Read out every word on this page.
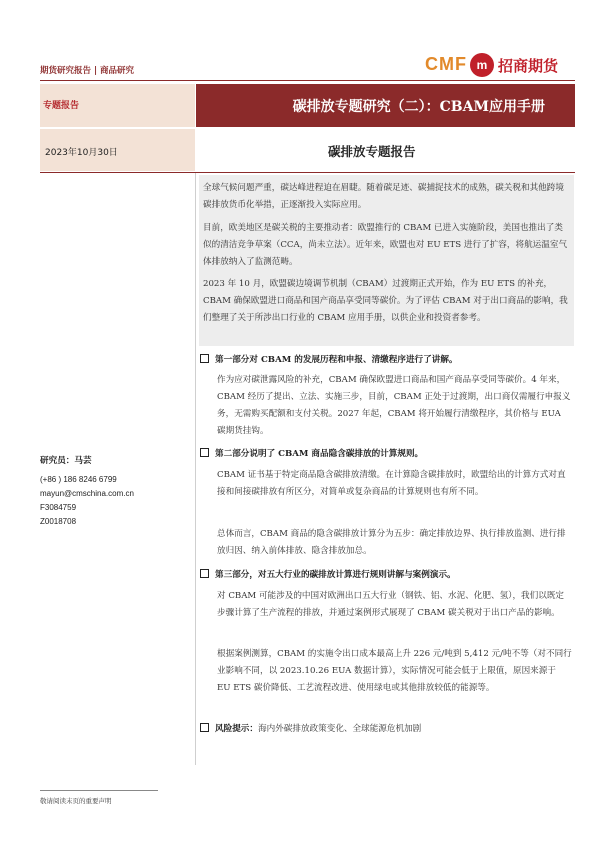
期货研究报告 | 商品研究	CMF m 招商期货
专题报告	碳排放专题研究（二）：CBAM应用手册
2023年10月30日	碳排放专题报告
研究员：马芸
(+86 ) 186 8246 6799
mayun@cmschina.com.cn
F3084759
Z0018708
全球气候问题严重，碳达峰进程迫在眉睫。随着碳足迹、碳捕捉技术的成熟，碳关税和其他跨境碳排放货币化举措，正逐渐投入实际应用。
目前，欧美地区是碳关税的主要推动者：欧盟推行的 CBAM 已进入实施阶段，美国也推出了类似的清洁竞争草案（CCA，尚未立法）。近年来，欧盟也对 EU ETS 进行了扩容，将航运温室气体排放纳入了监测范畴。
2023 年 10 月，欧盟碳边境调节机制（CBAM）过渡期正式开始，作为 EU ETS 的补充，CBAM 确保欧盟进口商品和国产商品享受同等碳价。为了评估 CBAM 对于出口商品的影响，我们整理了关于所涉出口行业的 CBAM 应用手册，以供企业和投资者参考。
第一部分对 CBAM 的发展历程和申报、清缴程序进行了讲解。
作为应对碳泄露风险的补充，CBAM 确保欧盟进口商品和国产商品享受同等碳价。4 年来，CBAM 经历了提出、立法、实施三步，目前，CBAM 正处于过渡期，出口商仅需履行申报义务，无需购买配额和支付关税。2027 年起，CBAM 将开始履行清缴程序，其价格与 EUA 碳期货挂钩。
第二部分说明了 CBAM 商品隐含碳排放的计算规则。
CBAM 证书基于特定商品隐含碳排放清缴。在计算隐含碳排放时，欧盟给出的计算方式对直接和间接碳排放有所区分，对简单或复杂商品的计算规则也有所不同。
总体而言，CBAM 商品的隐含碳排放计算分为五步：确定排放边界、执行排放监测、进行排放归因、纳入前体排放、隐含排放加总。
第三部分，对五大行业的碳排放计算进行规则讲解与案例演示。
对 CBAM 可能涉及的中国对欧洲出口五大行业（钢铁、铝、水泥、化肥、氢），我们以既定步骤计算了生产流程的排放，并通过案例形式展现了 CBAM 碳关税对于出口产品的影响。
根据案例测算，CBAM 的实施令出口成本最高上升 226 元/吨到 5,412 元/吨不等（对不同行业影响不同，以 2023.10.26 EUA 数据计算），实际情况可能会低于上限值，原因来源于 EU ETS 碳价降低、工艺流程改进、使用绿电或其他排放较低的能源等。
风险提示：海内外碳排放政策变化、全球能源危机加剧
敬请阅读末页的重要声明
